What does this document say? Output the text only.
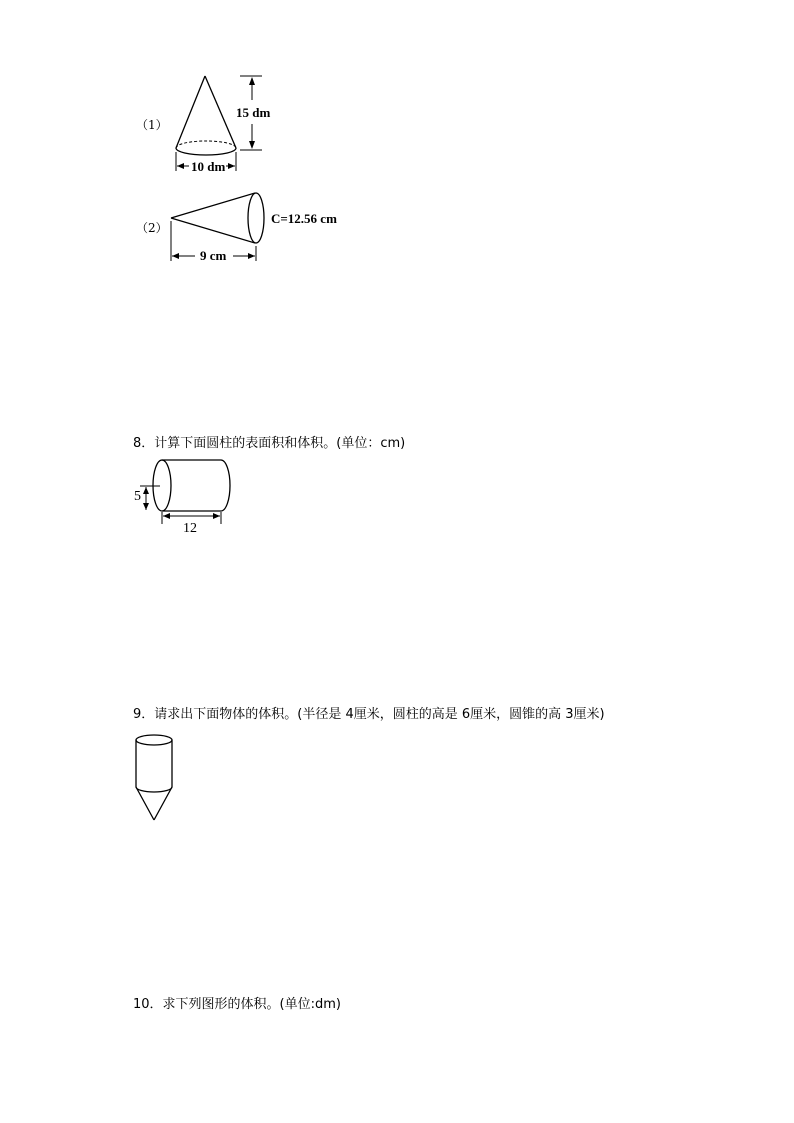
（1）
15 dm
10 dm
（2）
C=12.56 cm
9 cm
8．计算下面圆柱的表面积和体积。(单位：cm)
5
12
9．请求出下面物体的体积。(半径是 4厘米，圆柱的高是 6厘米，圆锥的高 3厘米)
10．求下列图形的体积。(单位:dm)
